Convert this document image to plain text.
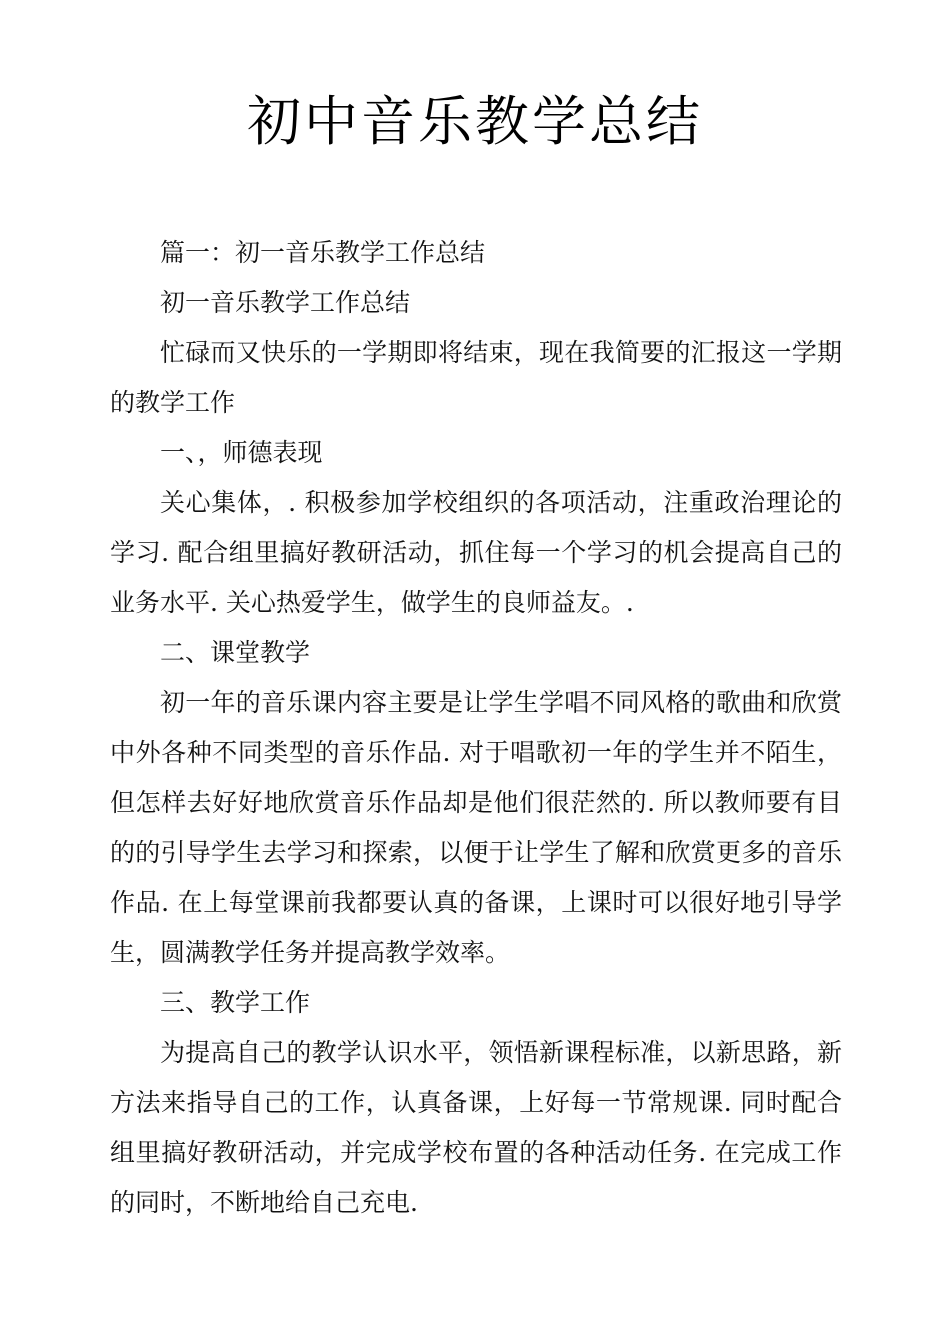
初中音乐教学总结

篇一：初一音乐教学工作总结

初一音乐教学工作总结

忙碌而又快乐的一学期即将结束，现在我简要的汇报这一学期的教学工作

一、，师德表现

关心集体，. 积极参加学校组织的各项活动，注重政治理论的学习. 配合组里搞好教研活动，抓住每一个学习的机会提高自己的业务水平. 关心热爱学生，做学生的良师益友。.

二、课堂教学

初一年的音乐课内容主要是让学生学唱不同风格的歌曲和欣赏中外各种不同类型的音乐作品. 对于唱歌初一年的学生并不陌生，但怎样去好好地欣赏音乐作品却是他们很茫然的. 所以教师要有目的的引导学生去学习和探索，以便于让学生了解和欣赏更多的音乐作品. 在上每堂课前我都要认真的备课，上课时可以很好地引导学生，圆满教学任务并提高教学效率。

三、教学工作

为提高自己的教学认识水平，领悟新课程标准，以新思路，新方法来指导自己的工作，认真备课，上好每一节常规课. 同时配合组里搞好教研活动，并完成学校布置的各种活动任务. 在完成工作的同时，不断地给自己充电.
